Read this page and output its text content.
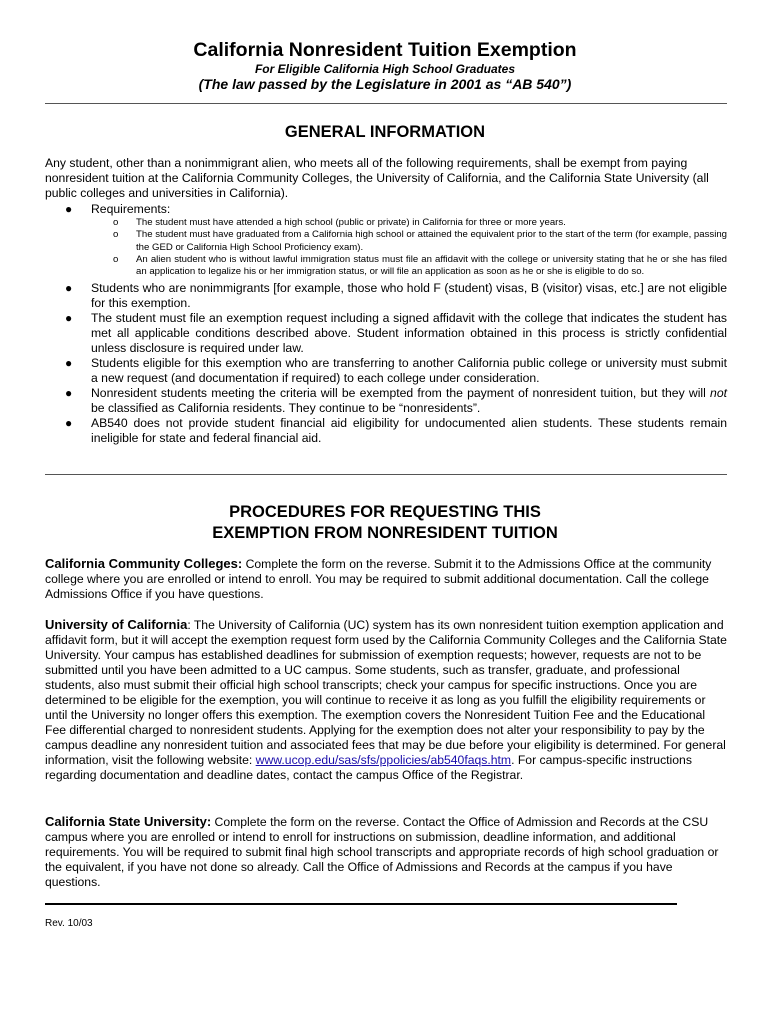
California Nonresident Tuition Exemption
For Eligible California High School Graduates
(The law passed by the Legislature in 2001 as “AB 540”)
GENERAL INFORMATION
Any student, other than a nonimmigrant alien, who meets all of the following requirements, shall be exempt from paying nonresident tuition at the California Community Colleges, the University of California, and the California State University (all public colleges and universities in California).
● Requirements:
o The student must have attended a high school (public or private) in California for three or more years.
o The student must have graduated from a California high school or attained the equivalent prior to the start of the term (for example, passing the GED or California High School Proficiency exam).
o An alien student who is without lawful immigration status must file an affidavit with the college or university stating that he or she has filed an application to legalize his or her immigration status, or will file an application as soon as he or she is eligible to do so.
● Students who are nonimmigrants [for example, those who hold F (student) visas, B (visitor) visas, etc.] are not eligible for this exemption.
● The student must file an exemption request including a signed affidavit with the college that indicates the student has met all applicable conditions described above. Student information obtained in this process is strictly confidential unless disclosure is required under law.
● Students eligible for this exemption who are transferring to another California public college or university must submit a new request (and documentation if required) to each college under consideration.
● Nonresident students meeting the criteria will be exempted from the payment of nonresident tuition, but they will not be classified as California residents. They continue to be “nonresidents”.
● AB540 does not provide student financial aid eligibility for undocumented alien students. These students remain ineligible for state and federal financial aid.
PROCEDURES FOR REQUESTING THIS
EXEMPTION FROM NONRESIDENT TUITION
California Community Colleges: Complete the form on the reverse. Submit it to the Admissions Office at the community college where you are enrolled or intend to enroll. You may be required to submit additional documentation. Call the college Admissions Office if you have questions.
University of California: The University of California (UC) system has its own nonresident tuition exemption application and affidavit form, but it will accept the exemption request form used by the California Community Colleges and the California State University. Your campus has established deadlines for submission of exemption requests; however, requests are not to be submitted until you have been admitted to a UC campus. Some students, such as transfer, graduate, and professional students, also must submit their official high school transcripts; check your campus for specific instructions. Once you are determined to be eligible for the exemption, you will continue to receive it as long as you fulfill the eligibility requirements or until the University no longer offers this exemption. The exemption covers the Nonresident Tuition Fee and the Educational Fee differential charged to nonresident students. Applying for the exemption does not alter your responsibility to pay by the campus deadline any nonresident tuition and associated fees that may be due before your eligibility is determined. For general information, visit the following website: www.ucop.edu/sas/sfs/ppolicies/ab540faqs.htm. For campus-specific instructions regarding documentation and deadline dates, contact the campus Office of the Registrar.
California State University: Complete the form on the reverse. Contact the Office of Admission and Records at the CSU campus where you are enrolled or intend to enroll for instructions on submission, deadline information, and additional requirements. You will be required to submit final high school transcripts and appropriate records of high school graduation or the equivalent, if you have not done so already. Call the Office of Admissions and Records at the campus if you have questions.
Rev. 10/03
